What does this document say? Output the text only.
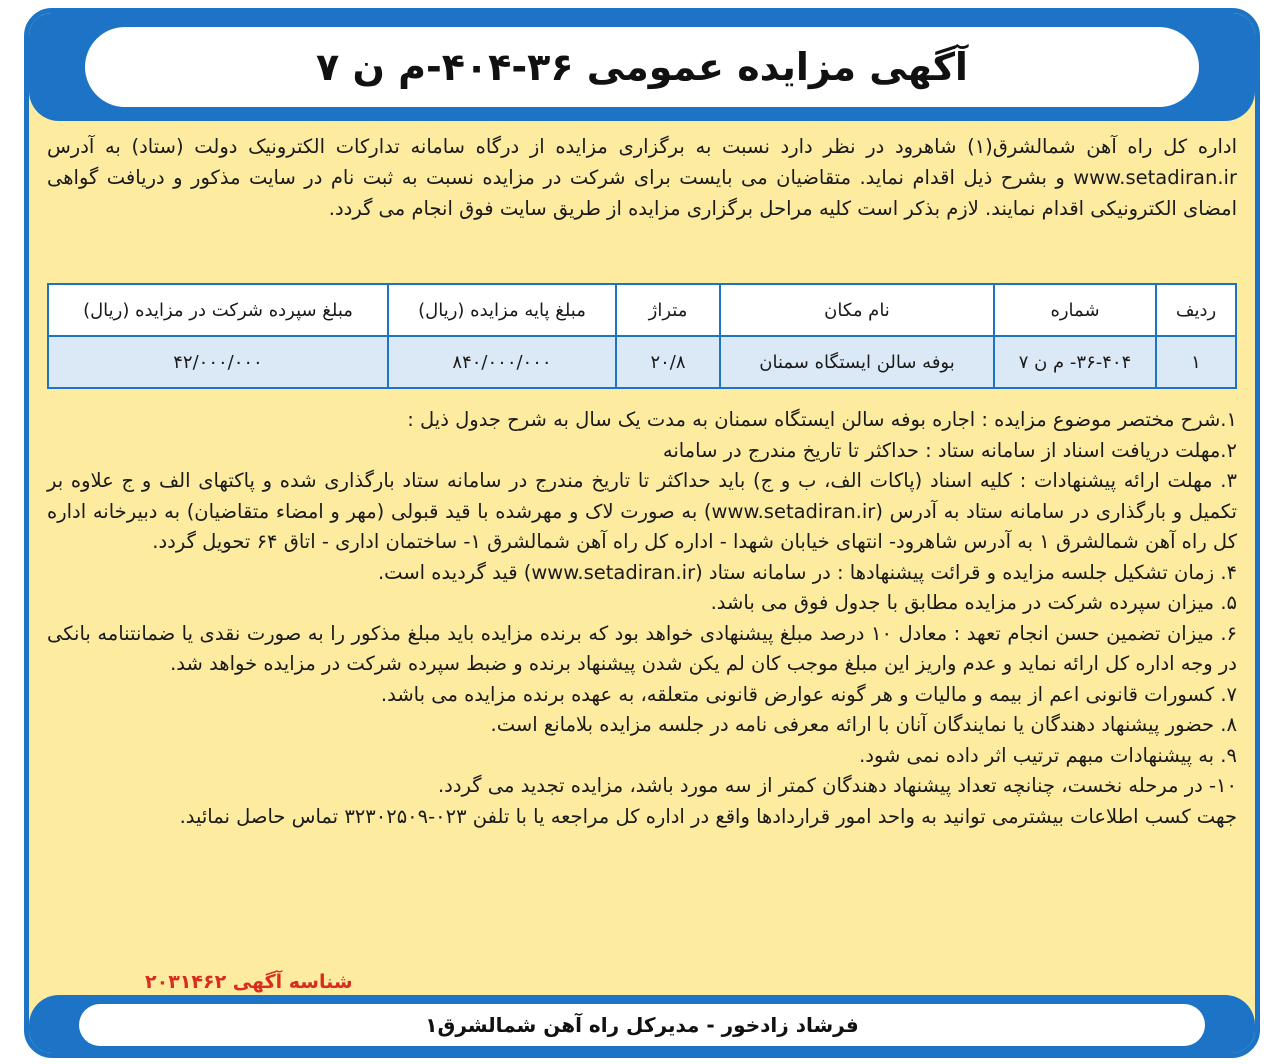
آگهی مزایده عمومی ۳۶-۴۰۴-م ن ۷
اداره کل راه آهن شمالشرق(۱) شاهرود در نظر دارد نسبت به برگزاری مزایده از درگاه سامانه تدارکات الکترونیک دولت (ستاد) به آدرس www.setadiran.ir و بشرح ذیل اقدام نماید. متقاضیان می بایست برای شرکت در مزایده نسبت به ثبت نام در سایت مذکور و دریافت گواهی امضای الکترونیکی اقدام نمایند. لازم بذکر است کلیه مراحل برگزاری مزایده از طریق سایت فوق انجام می گردد.
ردیف	شماره	نام مکان	متراژ	مبلغ پایه مزایده (ریال)	مبلغ سپرده شرکت در مزایده (ریال)
۱	۳۶-۴۰۴- م ن ۷	بوفه سالن ایستگاه سمنان	۲۰/۸	۸۴۰/۰۰۰/۰۰۰	۴۲/۰۰۰/۰۰۰

۱.شرح مختصر موضوع مزایده : اجاره بوفه سالن ایستگاه سمنان به مدت یک سال به شرح جدول ذیل :

۲.مهلت دریافت اسناد از سامانه ستاد : حداکثر تا تاریخ مندرج در سامانه

۳. مهلت ارائه پیشنهادات : کلیه اسناد (پاکات الف، ب و ج) باید حداکثر تا تاریخ مندرج در سامانه ستاد بارگذاری شده و پاکتهای الف و ج علاوه بر تکمیل و بارگذاری در سامانه ستاد به آدرس (www.setadiran.ir) به صورت لاک و مهرشده با قید قبولی (مهر و امضاء متقاضیان) به دبیرخانه اداره کل راه آهن شمالشرق ۱ به آدرس شاهرود- انتهای خیابان شهدا - اداره کل راه آهن شمالشرق ۱- ساختمان اداری - اتاق ۶۴ تحویل گردد.

۴. زمان تشکیل جلسه مزایده و قرائت پیشنهادها : در سامانه ستاد (www.setadiran.ir) قید گردیده است.

۵. میزان سپرده شرکت در مزایده مطابق با جدول فوق می باشد.

۶. میزان تضمین حسن انجام تعهد : معادل ۱۰ درصد مبلغ پیشنهادی خواهد بود که برنده مزایده باید مبلغ مذکور را به صورت نقدی یا ضمانتنامه بانکی در وجه اداره کل ارائه نماید و عدم واریز این مبلغ موجب کان لم یکن شدن پیشنهاد برنده و ضبط سپرده شرکت در مزایده خواهد شد.

۷. کسورات قانونی اعم از بیمه و مالیات و هر گونه عوارض قانونی متعلقه، به عهده برنده مزایده می باشد.

۸. حضور پیشنهاد دهندگان یا نمایندگان آنان با ارائه معرفی نامه در جلسه مزایده بلامانع است.

۹. به پیشنهادات مبهم ترتیب اثر داده نمی شود.

۱۰- در مرحله نخست، چنانچه تعداد پیشنهاد دهندگان کمتر از سه مورد باشد، مزایده تجدید می گردد.

جهت کسب اطلاعات بیشترمی توانید به واحد امور قراردادها واقع در اداره کل مراجعه یا با تلفن ۰۲۳-۳۲۳۰۲۵۰۹ تماس حاصل نمائید.

شناسه آگهی ۲۰۳۱۴۶۲
فرشاد زادخور - مدیرکل راه آهن شمالشرق۱
